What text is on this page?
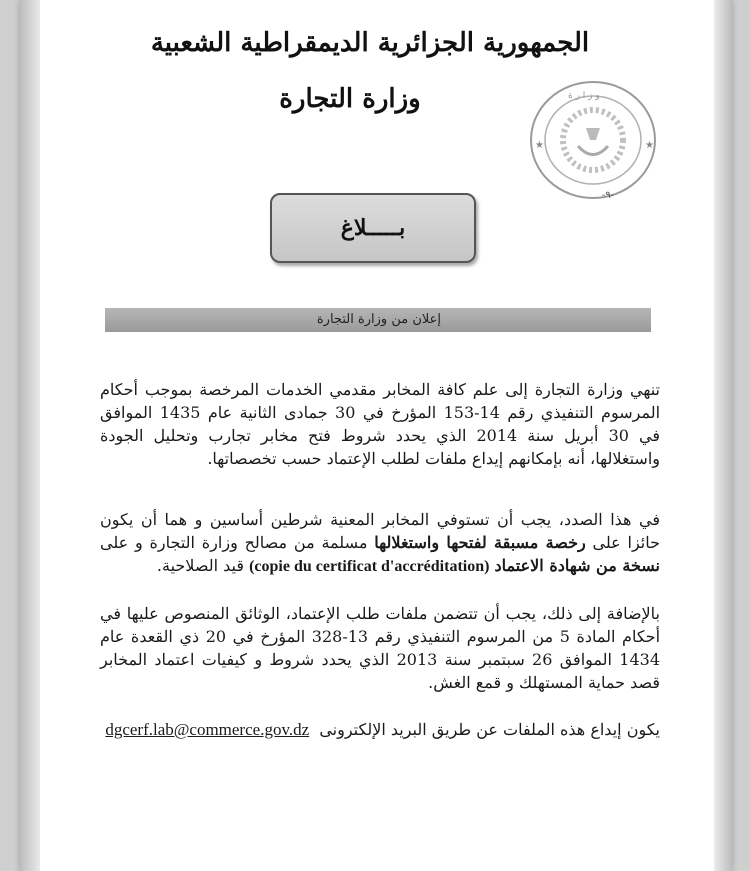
الجمهورية الجزائرية الديمقراطية الشعبية
وزارة التجارة
★	★
و ز ا ر ة
-٩-
بـــــلاغ
إعلان من وزارة التجارة
تنهي وزارة التجارة إلى علم كافة المخابر مقدمي الخدمات المرخصة بموجب أحكام المرسوم التنفيذي رقم 14-153 المؤرخ في 30 جمادى الثانية عام 1435 الموافق في 30 أبريل سنة 2014 الذي يحدد شروط فتح مخابر تجارب وتحليل الجودة واستغلالها، أنه بإمكانهم إيداع ملفات لطلب الإعتماد حسب تخصصاتها.
في هذا الصدد، يجب أن تستوفي المخابر المعنية شرطين أساسين و هما أن يكون حائزا على رخصة مسبقة لفتحها واستغلالها مسلمة من مصالح وزارة التجارة و على نسخة من شهادة الاعتماد (copie du certificat d'accréditation) قيد الصلاحية.
بالإضافة إلى ذلك، يجب أن تتضمن ملفات طلب الإعتماد، الوثائق المنصوص عليها في أحكام المادة 5 من المرسوم التنفيذي رقم 13-328 المؤرخ في 20 ذي القعدة عام 1434 الموافق 26 سبتمبر سنة 2013 الذي يحدد شروط و كيفيات اعتماد المخابر قصد حماية المستهلك و قمع الغش.
يكون إيداع هذه الملفات عن طريق البريد الإلكترونى  dgcerf.lab@commerce.gov.dz
